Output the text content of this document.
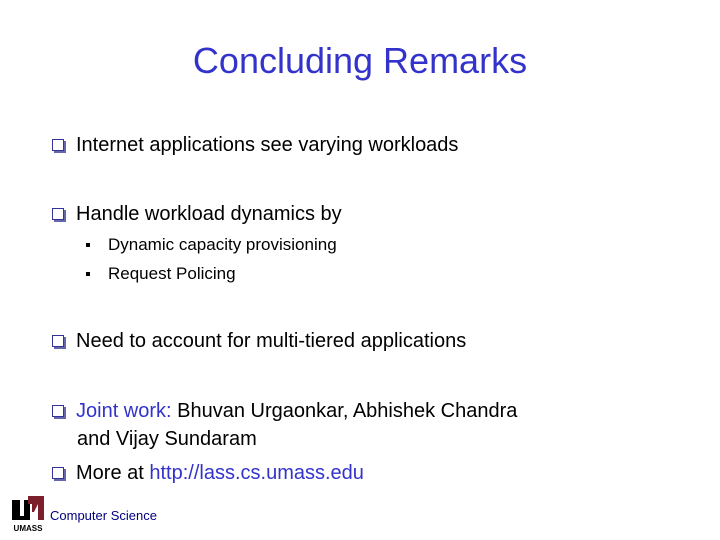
Concluding Remarks
Internet applications see varying workloads
Handle workload dynamics by
Dynamic capacity provisioning
Request Policing
Need to account for multi-tiered applications
Joint work: Bhuvan Urgaonkar, Abhishek Chandra
and Vijay Sundaram
More at http://lass.cs.umass.edu
UMASS
Computer Science
